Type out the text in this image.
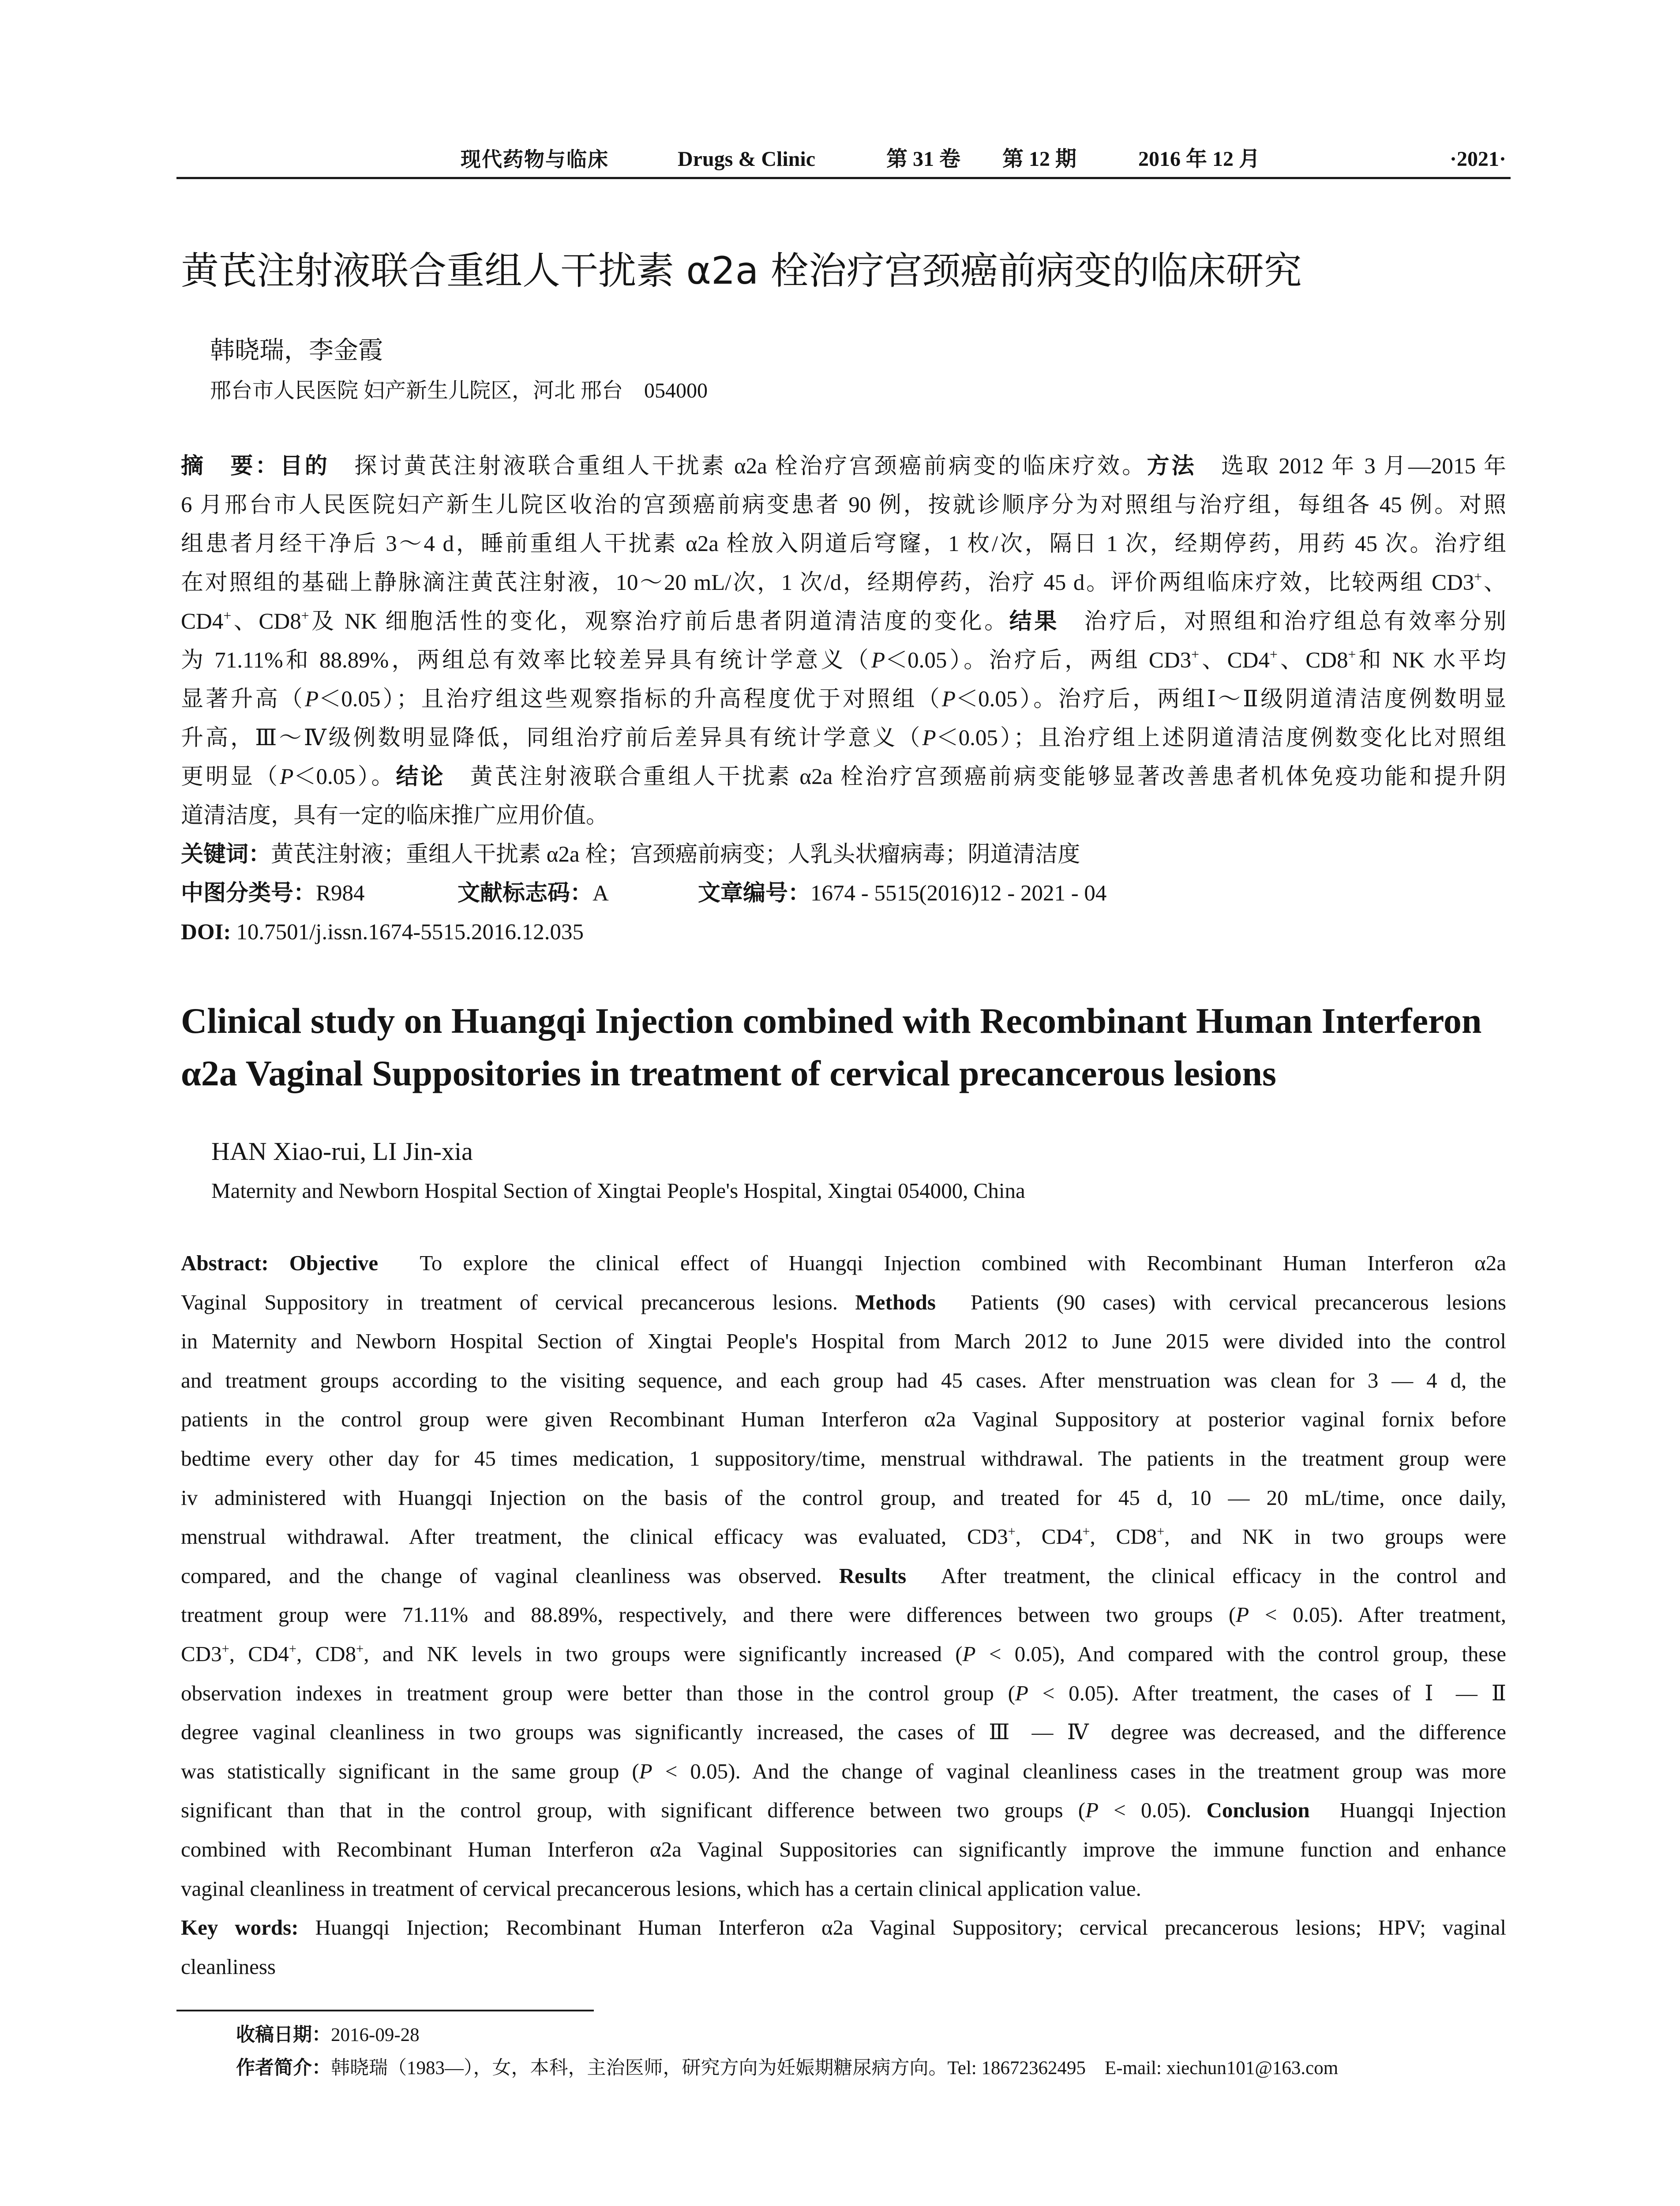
现代药物与临床	Drugs & Clinic	第 31 卷 第 12 期	2016 年 12 月	·2021·
黄芪注射液联合重组人干扰素 α2a 栓治疗宫颈癌前病变的临床研究
韩晓瑞，李金霞
邢台市人民医院 妇产新生儿院区，河北 邢台　054000
摘　要：目的　探讨黄芪注射液联合重组人干扰素 α2a 栓治疗宫颈癌前病变的临床疗效。方法　选取 2012 年 3 月—2015 年
6 月邢台市人民医院妇产新生儿院区收治的宫颈癌前病变患者 90 例，按就诊顺序分为对照组与治疗组，每组各 45 例。对照
组患者月经干净后 3～4 d，睡前重组人干扰素 α2a 栓放入阴道后穹窿，1 枚/次，隔日 1 次，经期停药，用药 45 次。治疗组
在对照组的基础上静脉滴注黄芪注射液，10～20 mL/次，1 次/d，经期停药，治疗 45 d。评价两组临床疗效，比较两组 CD3+、
CD4+、CD8+及 NK 细胞活性的变化，观察治疗前后患者阴道清洁度的变化。结果　治疗后，对照组和治疗组总有效率分别
为 71.11%和 88.89%，两组总有效率比较差异具有统计学意义（P＜0.05）。治疗后，两组 CD3+、CD4+、CD8+和 NK 水平均
显著升高（P＜0.05）；且治疗组这些观察指标的升高程度优于对照组（P＜0.05）。治疗后，两组Ⅰ～Ⅱ级阴道清洁度例数明显
升高，Ⅲ～Ⅳ级例数明显降低，同组治疗前后差异具有统计学意义（P＜0.05）；且治疗组上述阴道清洁度例数变化比对照组
更明显（P＜0.05）。结论　黄芪注射液联合重组人干扰素 α2a 栓治疗宫颈癌前病变能够显著改善患者机体免疫功能和提升阴
道清洁度，具有一定的临床推广应用价值。
关键词：黄芪注射液；重组人干扰素 α2a 栓；宫颈癌前病变；人乳头状瘤病毒；阴道清洁度
中图分类号：R984	文献标志码：A	文章编号：1674 - 5515(2016)12 - 2021 - 04
DOI: 10.7501/j.issn.1674-5515.2016.12.035
Clinical study on Huangqi Injection combined with Recombinant Human Interferon
α2a Vaginal Suppositories in treatment of cervical precancerous lesions
HAN Xiao-rui, LI Jin-xia
Maternity and Newborn Hospital Section of Xingtai People's Hospital, Xingtai 054000, China
Abstract: Objective  To explore the clinical effect of Huangqi Injection combined with Recombinant Human Interferon α2a
Vaginal Suppository in treatment of cervical precancerous lesions. Methods  Patients (90 cases) with cervical precancerous lesions
in Maternity and Newborn Hospital Section of Xingtai People's Hospital from March 2012 to June 2015 were divided into the control
and treatment groups according to the visiting sequence, and each group had 45 cases. After menstruation was clean for 3 — 4 d, the
patients in the control group were given Recombinant Human Interferon α2a Vaginal Suppository at posterior vaginal fornix before
bedtime every other day for 45 times medication, 1 suppository/time, menstrual withdrawal. The patients in the treatment group were
iv administered with Huangqi Injection on the basis of the control group, and treated for 45 d, 10 — 20 mL/time, once daily,
menstrual withdrawal. After treatment, the clinical efficacy was evaluated, CD3+, CD4+, CD8+, and NK in two groups were
compared, and the change of vaginal cleanliness was observed. Results  After treatment, the clinical efficacy in the control and
treatment group were 71.11% and 88.89%, respectively, and there were differences between two groups (P < 0.05). After treatment,
CD3+, CD4+, CD8+, and NK levels in two groups were significantly increased (P < 0.05), And compared with the control group, these
observation indexes in treatment group were better than those in the control group (P < 0.05). After treatment, the cases of Ⅰ — Ⅱ
degree vaginal cleanliness in two groups was significantly increased, the cases of Ⅲ — Ⅳ degree was decreased, and the difference
was statistically significant in the same group (P < 0.05). And the change of vaginal cleanliness cases in the treatment group was more
significant than that in the control group, with significant difference between two groups (P < 0.05). Conclusion  Huangqi Injection
combined with Recombinant Human Interferon α2a Vaginal Suppositories can significantly improve the immune function and enhance
vaginal cleanliness in treatment of cervical precancerous lesions, which has a certain clinical application value.
Key words: Huangqi Injection; Recombinant Human Interferon α2a Vaginal Suppository; cervical precancerous lesions; HPV; vaginal
cleanliness
收稿日期：2016-09-28
作者简介：韩晓瑞（1983—），女，本科，主治医师，研究方向为妊娠期糖尿病方向。Tel: 18672362495　E-mail: xiechun101@163.com
